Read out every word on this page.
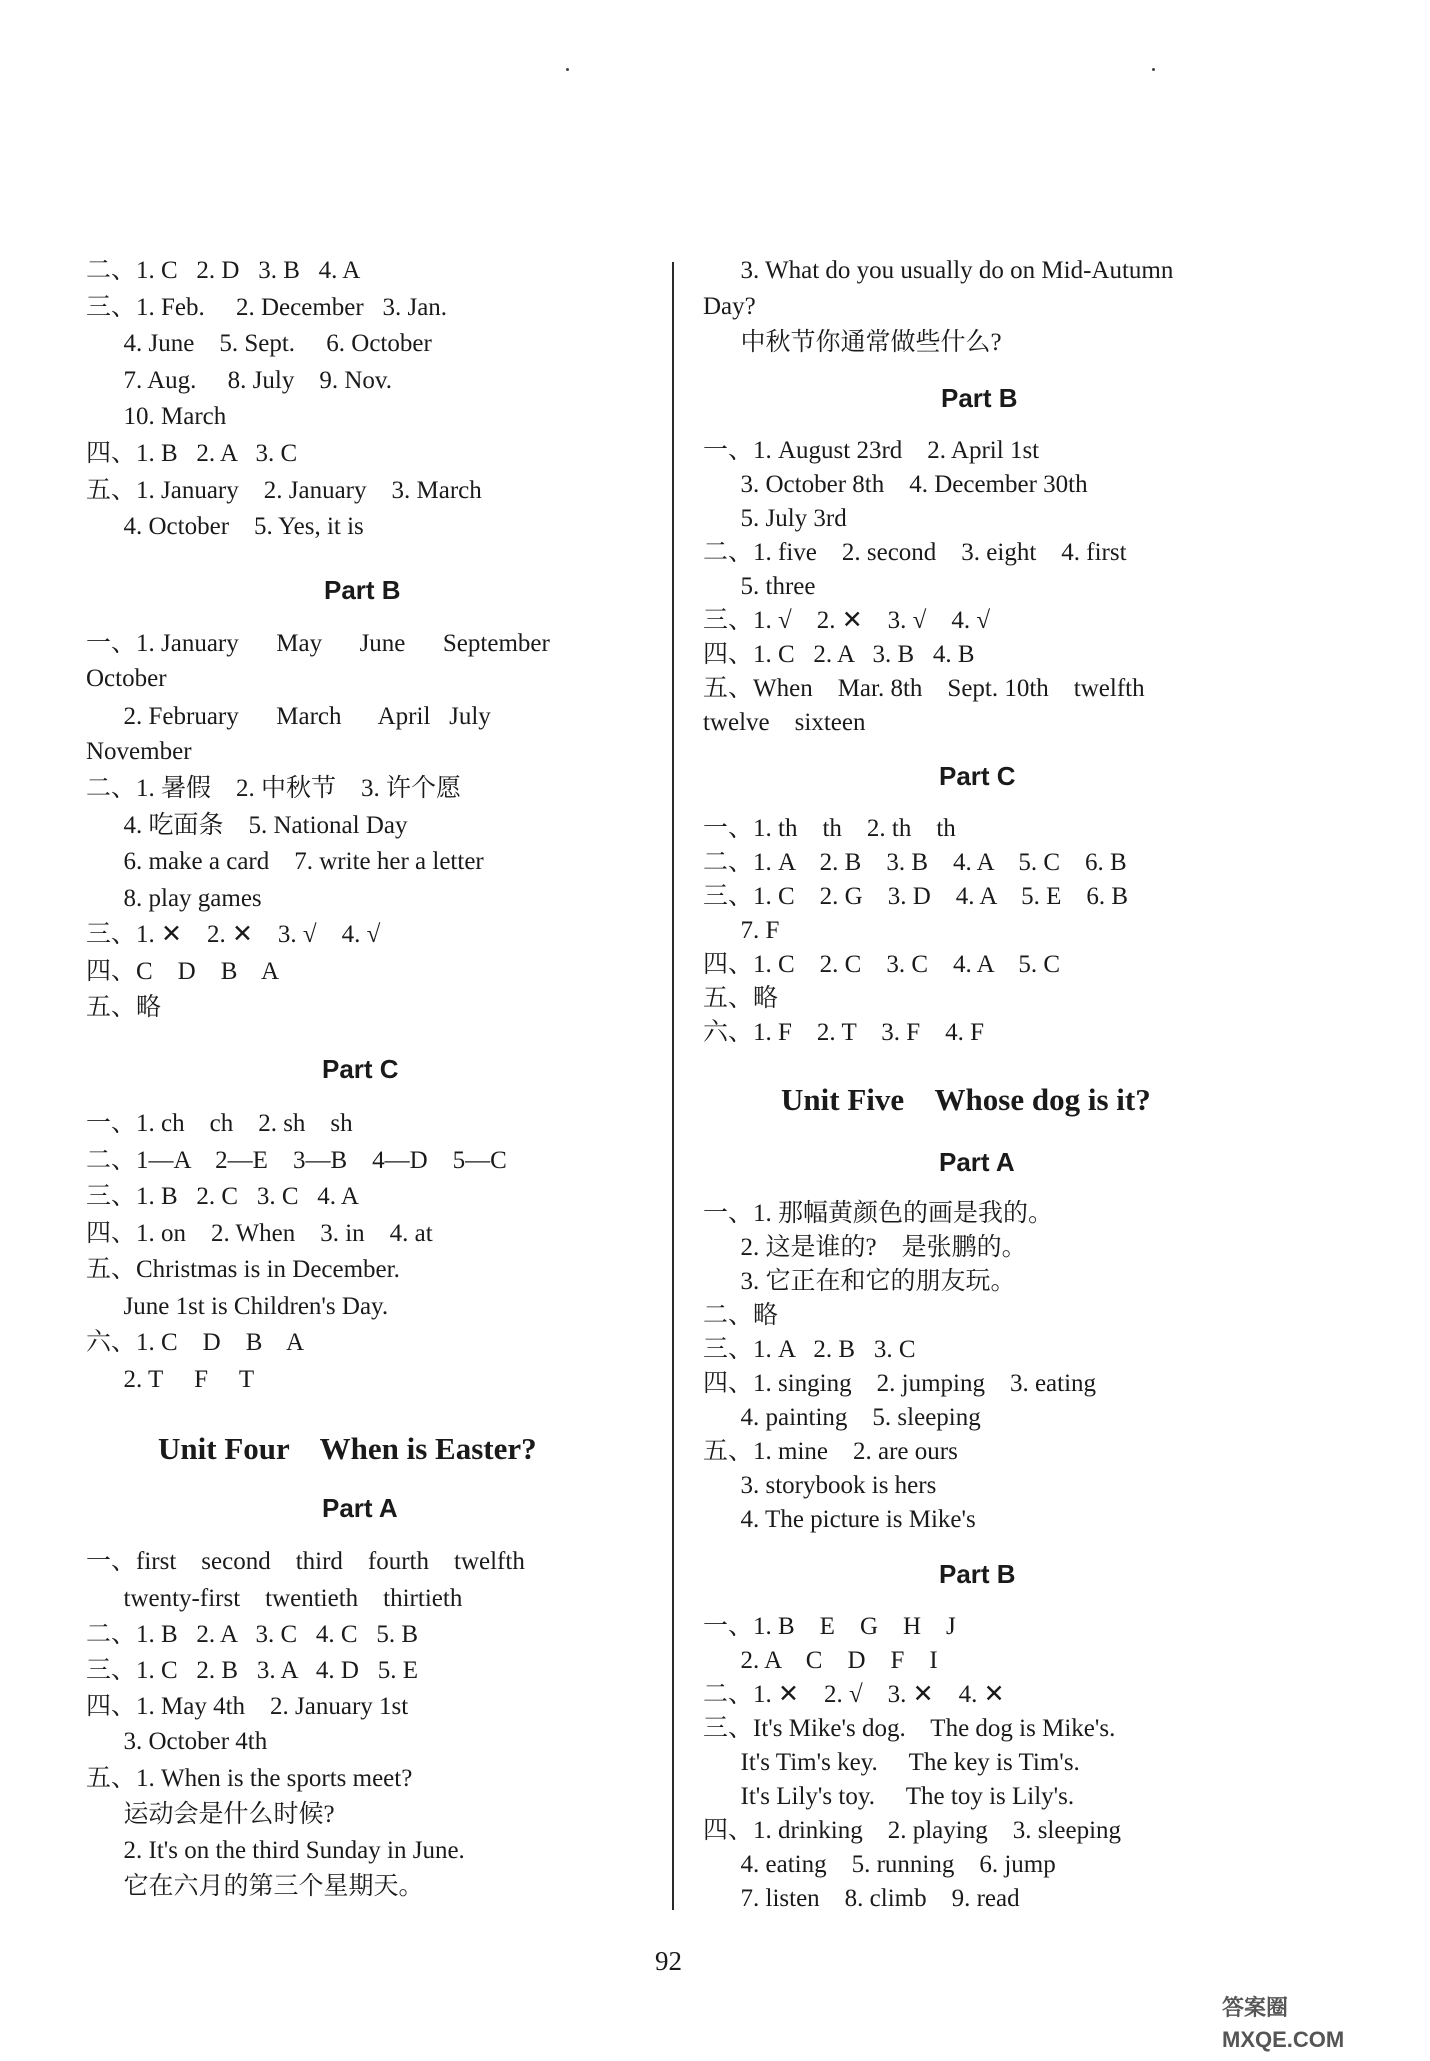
二、1. C   2. D   3. B   4. A
三、1. Feb.     2. December   3. Jan.
4. June    5. Sept.     6. October
7. Aug.     8. July    9. Nov.
10. March
四、1. B   2. A   3. C
五、1. January    2. January    3. March
4. October    5. Yes, it is
Part B
一、1. January      May      June      September
October
2. February      March      April   July
November
二、1. 暑假    2. 中秋节    3. 许个愿
4. 吃面条    5. National Day
6. make a card    7. write her a letter
8. play games
三、1. ✕    2. ✕    3. √    4. √
四、C    D    B    A
五、略
Part C
一、1. ch    ch    2. sh    sh
二、1—A    2—E    3—B    4—D    5—C
三、1. B   2. C   3. C   4. A
四、1. on    2. When    3. in    4. at
五、Christmas is in December.
June 1st is Children's Day.
六、1. C    D    B    A
2. T     F     T
Unit Four    When is Easter?
Part A
一、first    second    third    fourth    twelfth
twenty-first    twentieth    thirtieth
二、1. B   2. A   3. C   4. C   5. B
三、1. C   2. B   3. A   4. D   5. E
四、1. May 4th    2. January 1st
3. October 4th
五、1. When is the sports meet?
运动会是什么时候?
2. It's on the third Sunday in June.
它在六月的第三个星期天。
3. What do you usually do on Mid-Autumn
Day?
中秋节你通常做些什么?
Part B
一、1. August 23rd    2. April 1st
3. October 8th    4. December 30th
5. July 3rd
二、1. five    2. second    3. eight    4. first
5. three
三、1. √    2. ✕    3. √    4. √
四、1. C   2. A   3. B   4. B
五、When    Mar. 8th    Sept. 10th    twelfth
twelve    sixteen
Part C
一、1. th    th    2. th    th
二、1. A    2. B    3. B    4. A    5. C    6. B
三、1. C    2. G    3. D    4. A    5. E    6. B
7. F
四、1. C    2. C    3. C    4. A    5. C
五、略
六、1. F    2. T    3. F    4. F
Unit Five    Whose dog is it?
Part A
一、1. 那幅黄颜色的画是我的。
2. 这是谁的?    是张鹏的。
3. 它正在和它的朋友玩。
二、略
三、1. A   2. B   3. C
四、1. singing    2. jumping    3. eating
4. painting    5. sleeping
五、1. mine    2. are ours
3. storybook is hers
4. The picture is Mike's
Part B
一、1. B    E    G    H    J
2. A    C    D    F    I
二、1. ✕    2. √    3. ✕    4. ✕
三、It's Mike's dog.    The dog is Mike's.
It's Tim's key.     The key is Tim's.
It's Lily's toy.     The toy is Lily's.
四、1. drinking    2. playing    3. sleeping
4. eating    5. running    6. jump
7. listen    8. climb    9. read
92
答案圈
MXQE.COM
